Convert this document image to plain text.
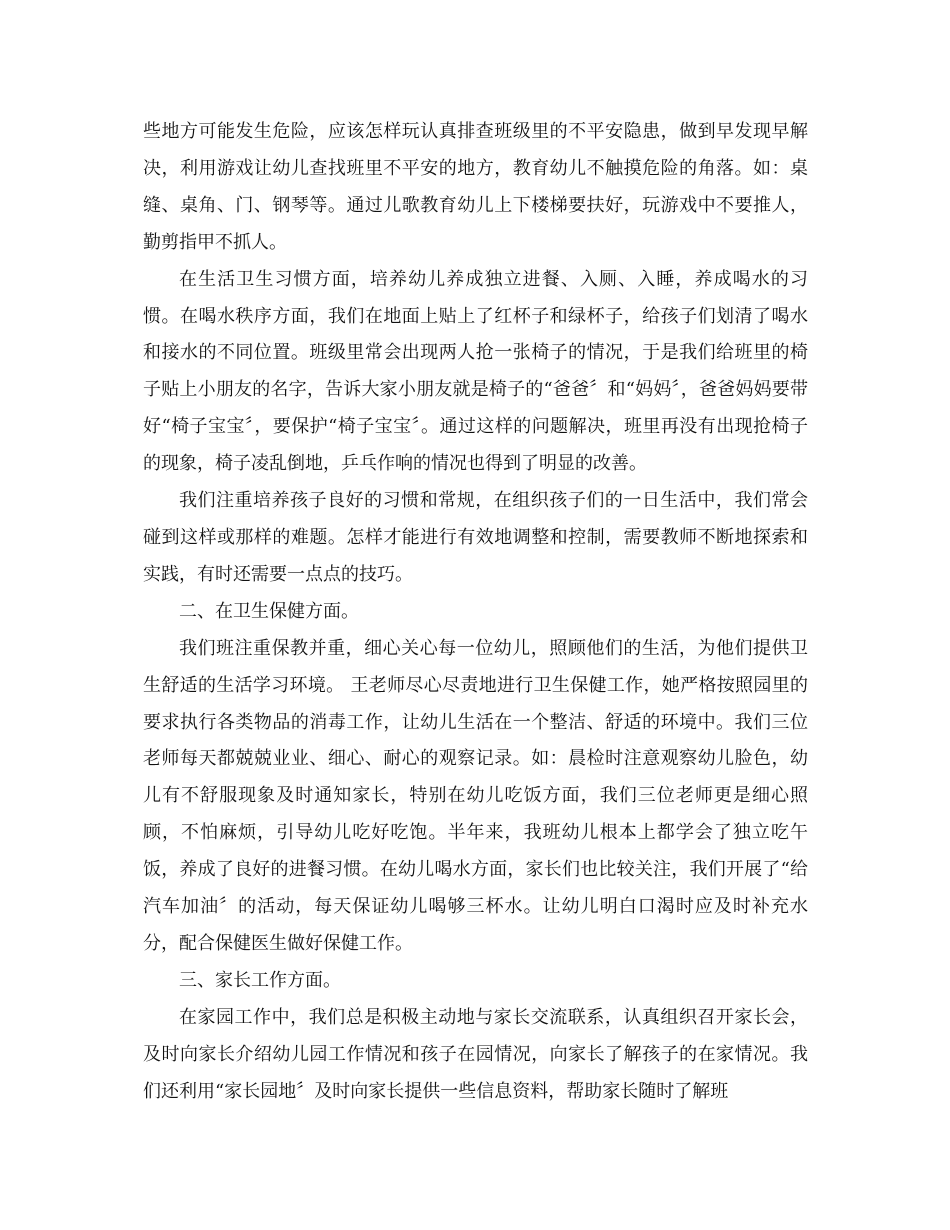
些地方可能发生危险，应该怎样玩认真排查班级里的不平安隐患，做到早发现早解决，利用游戏让幼儿查找班里不平安的地方，教育幼儿不触摸危险的角落。如：桌缝、桌角、门、钢琴等。通过儿歌教育幼儿上下楼梯要扶好，玩游戏中不要推人，勤剪指甲不抓人。

在生活卫生习惯方面，培养幼儿养成独立进餐、入厕、入睡，养成喝水的习惯。在喝水秩序方面，我们在地面上贴上了红杯子和绿杯子，给孩子们划清了喝水和接水的不同位置。班级里常会出现两人抢一张椅子的情况，于是我们给班里的椅子贴上小朋友的名字，告诉大家小朋友就是椅子的“爸爸〞和“妈妈〞，爸爸妈妈要带好“椅子宝宝〞，要保护“椅子宝宝〞。通过这样的问题解决，班里再没有出现抢椅子的现象，椅子凌乱倒地，乒乓作响的情况也得到了明显的改善。

我们注重培养孩子良好的习惯和常规，在组织孩子们的一日生活中，我们常会碰到这样或那样的难题。怎样才能进行有效地调整和控制，需要教师不断地探索和实践，有时还需要一点点的技巧。

二、在卫生保健方面。

我们班注重保教并重，细心关心每一位幼儿，照顾他们的生活，为他们提供卫生舒适的生活学习环境。 王老师尽心尽责地进行卫生保健工作，她严格按照园里的要求执行各类物品的消毒工作，让幼儿生活在一个整洁、舒适的环境中。我们三位老师每天都兢兢业业、细心、耐心的观察记录。如：晨检时注意观察幼儿脸色，幼儿有不舒服现象及时通知家长，特别在幼儿吃饭方面，我们三位老师更是细心照顾，不怕麻烦，引导幼儿吃好吃饱。半年来，我班幼儿根本上都学会了独立吃午饭，养成了良好的进餐习惯。在幼儿喝水方面，家长们也比较关注，我们开展了“给汽车加油〞的活动，每天保证幼儿喝够三杯水。让幼儿明白口渴时应及时补充水分，配合保健医生做好保健工作。

三、家长工作方面。

在家园工作中，我们总是积极主动地与家长交流联系，认真组织召开家长会，及时向家长介绍幼儿园工作情况和孩子在园情况，向家长了解孩子的在家情况。我们还利用“家长园地〞及时向家长提供一些信息资料，帮助家长随时了解班
